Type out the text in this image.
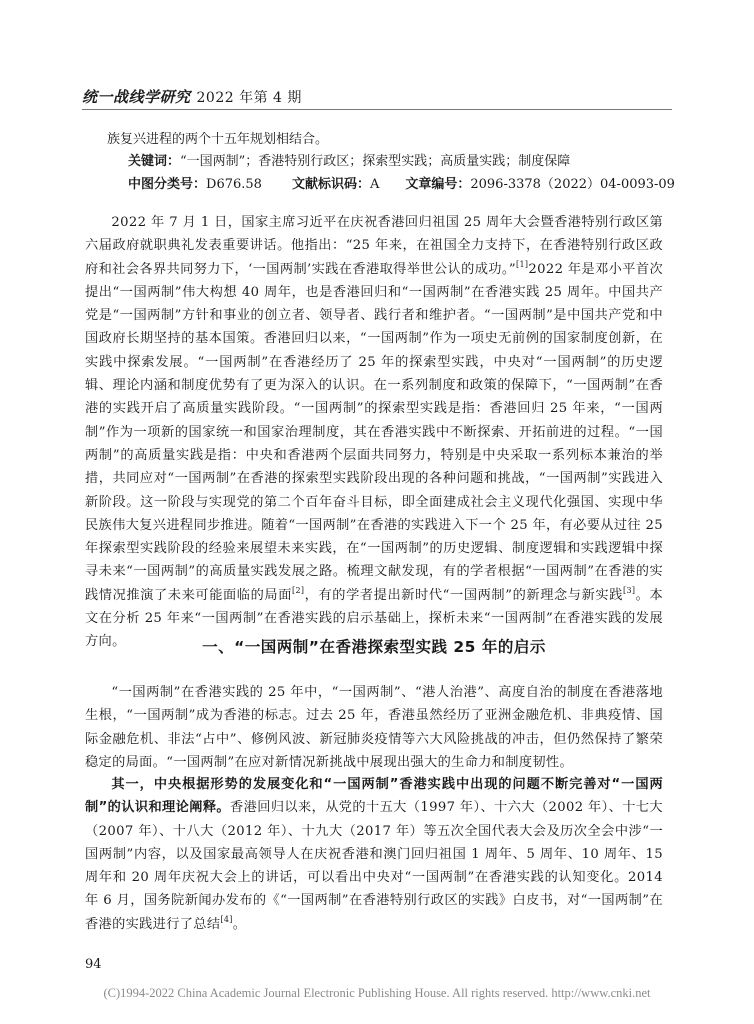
统一战线学研究 2022 年第 4 期
族复兴进程的两个十五年规划相结合。
关键词：“一国两制”；香港特别行政区；探索型实践；高质量实践；制度保障
中图分类号： D676.58 文献标识码： A 文章编号： 2096-3378（2022）04-0093-09

2022 年 7 月 1 日，国家主席习近平在庆祝香港回归祖国 25 周年大会暨香港特别行政区第六届政府就职典礼发表重要讲话。他指出：“25 年来，在祖国全力支持下，在香港特别行政区政府和社会各界共同努力下，‘一国两制’实践在香港取得举世公认的成功。”[1]2022 年是邓小平首次提出“一国两制”伟大构想 40 周年，也是香港回归和“一国两制”在香港实践 25 周年。中国共产党是“一国两制”方针和事业的创立者、领导者、践行者和维护者。“一国两制”是中国共产党和中国政府长期坚持的基本国策。香港回归以来，“一国两制”作为一项史无前例的国家制度创新，在实践中探索发展。“一国两制”在香港经历了 25 年的探索型实践，中央对“一国两制”的历史逻辑、理论内涵和制度优势有了更为深入的认识。在一系列制度和政策的保障下，“一国两制”在香港的实践开启了高质量实践阶段。“一国两制”的探索型实践是指：香港回归 25 年来，“一国两制”作为一项新的国家统一和国家治理制度，其在香港实践中不断探索、开拓前进的过程。“一国两制”的高质量实践是指：中央和香港两个层面共同努力，特别是中央采取一系列标本兼治的举措，共同应对“一国两制”在香港的探索型实践阶段出现的各种问题和挑战，“一国两制”实践进入新阶段。这一阶段与实现党的第二个百年奋斗目标，即全面建成社会主义现代化强国、实现中华民族伟大复兴进程同步推进。随着“一国两制”在香港的实践进入下一个 25 年，有必要从过往 25 年探索型实践阶段的经验来展望未来实践，在“一国两制”的历史逻辑、制度逻辑和实践逻辑中探寻未来“一国两制”的高质量实践发展之路。梳理文献发现，有的学者根据“一国两制”在香港的实践情况推演了未来可能面临的局面[2]，有的学者提出新时代“一国两制”的新理念与新实践[3]。本文在分析 25 年来“一国两制”在香港实践的启示基础上，探析未来“一国两制”在香港实践的发展方向。	一、“一国两制”在香港探索型实践 25 年的启示

“一国两制”在香港实践的 25 年中，“一国两制”、“港人治港”、高度自治的制度在香港落地生根，“一国两制”成为香港的标志。过去 25 年，香港虽然经历了亚洲金融危机、非典疫情、国际金融危机、非法“占中”、修例风波、新冠肺炎疫情等六大风险挑战的冲击，但仍然保持了繁荣稳定的局面。“一国两制”在应对新情况新挑战中展现出强大的生命力和制度韧性。

其一，中央根据形势的发展变化和“一国两制”香港实践中出现的问题不断完善对“一国两制”的认识和理论阐释。香港回归以来，从党的十五大（1997 年）、十六大（2002 年）、十七大（2007 年）、十八大（2012 年）、十九大（2017 年）等五次全国代表大会及历次全会中涉“一国两制”内容，以及国家最高领导人在庆祝香港和澳门回归祖国 1 周年、5 周年、10 周年、15 周年和 20 周年庆祝大会上的讲话，可以看出中央对“一国两制”在香港实践的认知变化。2014 年 6 月，国务院新闻办发布的《“一国两制”在香港特别行政区的实践》白皮书，对“一国两制”在香港的实践进行了总结[4]。

94
(C)1994-2022 China Academic Journal Electronic Publishing House. All rights reserved. http://www.cnki.net
